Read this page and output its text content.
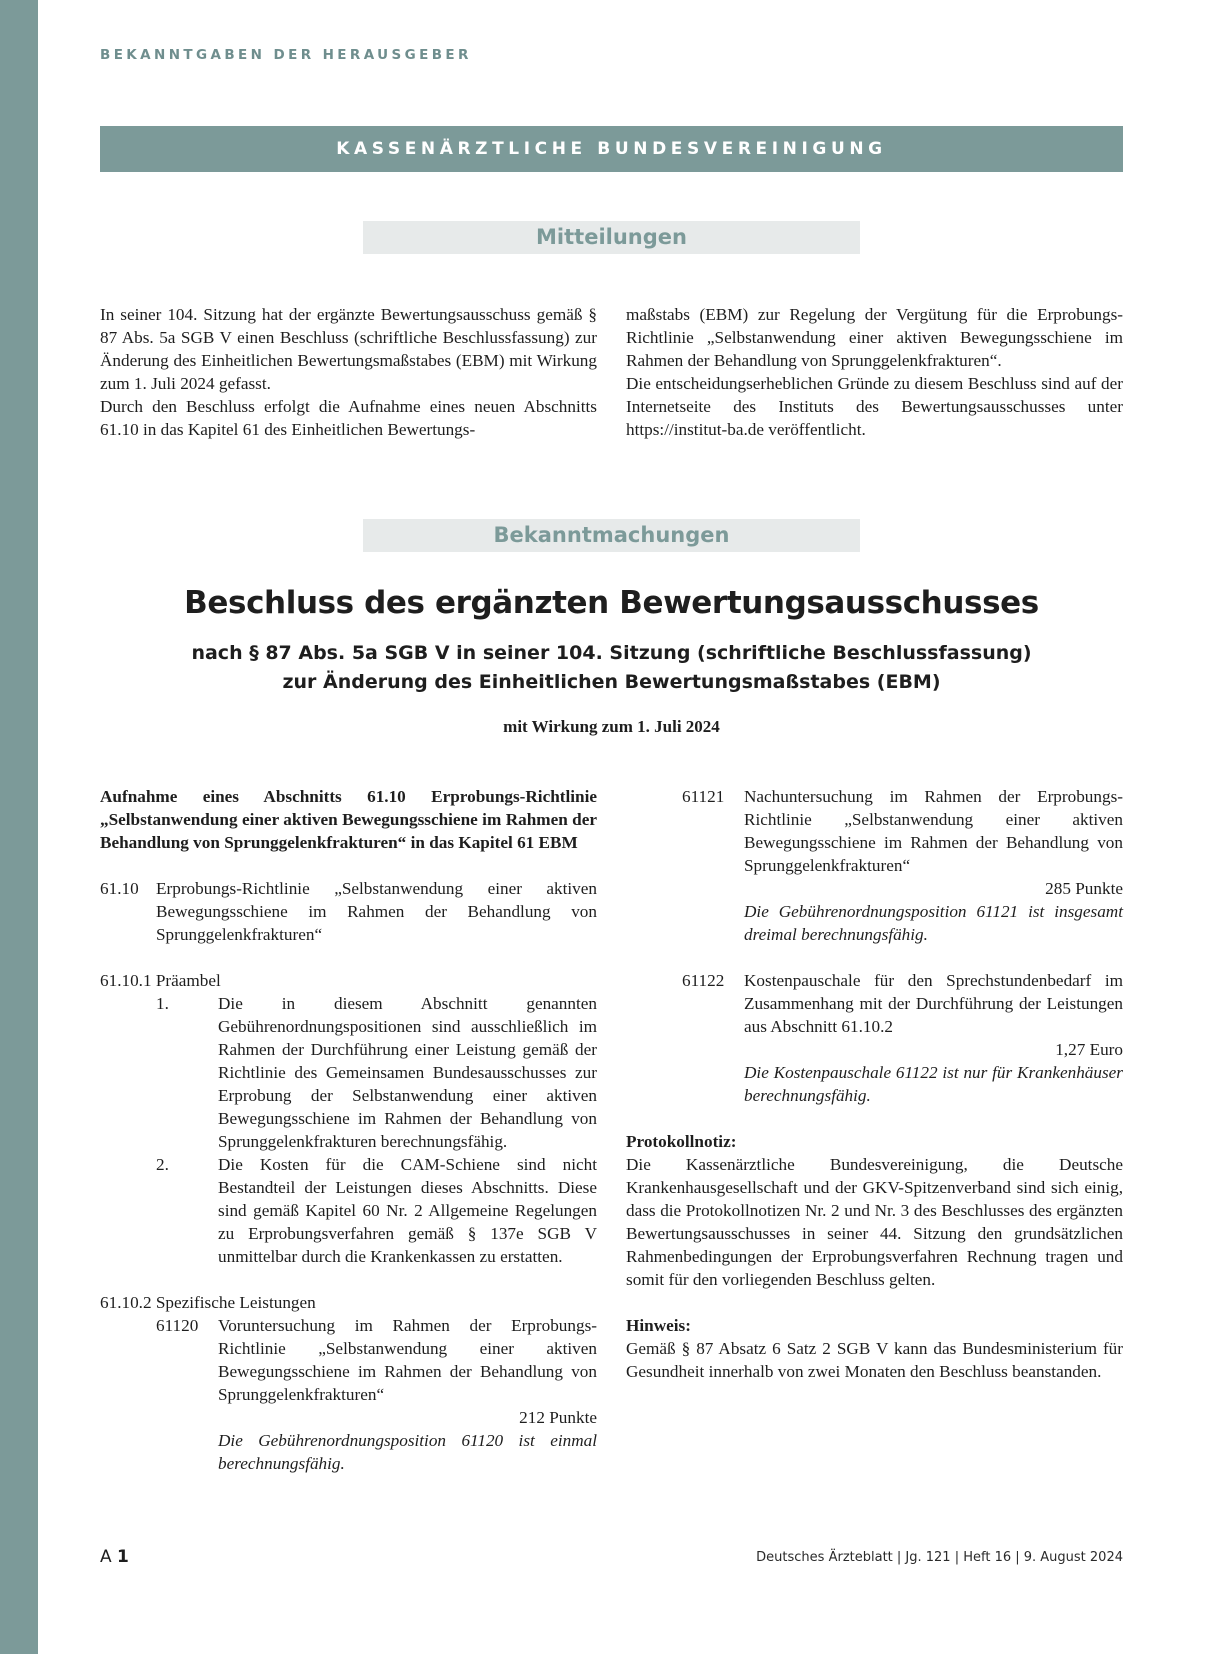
BEKANNTGABEN DER HERAUSGEBER
KASSENÄRZTLICHE BUNDESVEREINIGUNG
Mitteilungen

In seiner 104. Sitzung hat der ergänzte Bewertungsausschuss gemäß § 87 Abs. 5a SGB V einen Beschluss (schriftliche Beschlussfassung) zur Änderung des Einheitlichen Bewertungsmaßstabes (EBM) mit Wirkung zum 1. Juli 2024 gefasst.

Durch den Beschluss erfolgt die Aufnahme eines neuen Abschnitts 61.10 in das Kapitel 61 des Einheitlichen Bewertungs-

maßstabs (EBM) zur Regelung der Vergütung für die Erprobungs-Richtlinie „Selbstanwendung einer aktiven Bewegungsschiene im Rahmen der Behandlung von Sprunggelenkfrakturen“.

Die entscheidungserheblichen Gründe zu diesem Beschluss sind auf der Internetseite des Instituts des Bewertungsausschusses unter https://institut-ba.de veröffentlicht.

Bekanntmachungen
Beschluss des ergänzten Bewertungsausschusses
nach § 87 Abs. 5a SGB V in seiner 104. Sitzung (schriftliche Beschlussfassung)
zur Änderung des Einheitlichen Bewertungsmaßstabes (EBM)
mit Wirkung zum 1. Juli 2024

Aufnahme eines Abschnitts 61.10 Erprobungs-Richtlinie „Selbstanwendung einer aktiven Bewegungsschiene im Rahmen der Behandlung von Sprunggelenkfrakturen“ in das Kapitel 61 EBM

61.10	Erprobungs-Richtlinie „Selbstanwendung einer aktiven Bewegungsschiene im Rahmen der Behandlung von Sprunggelenkfrakturen“
61.10.1 Präambel
1.	Die in diesem Abschnitt genannten Gebührenordnungspositionen sind ausschließlich im Rahmen der Durchführung einer Leistung gemäß der Richtlinie des Gemeinsamen Bundesausschusses zur Erprobung der Selbstanwendung einer aktiven Bewegungsschiene im Rahmen der Behandlung von Sprunggelenkfrakturen berechnungsfähig.
2.	Die Kosten für die CAM-Schiene sind nicht Bestandteil der Leistungen dieses Abschnitts. Diese sind gemäß Kapitel 60 Nr. 2 Allgemeine Regelungen zu Erprobungsverfahren gemäß § 137e SGB V unmittelbar durch die Krankenkassen zu erstatten.
61.10.2 Spezifische Leistungen
61120	Voruntersuchung im Rahmen der Erprobungs-Richtlinie „Selbstanwendung einer aktiven Bewegungsschiene im Rahmen der Behandlung von Sprunggelenkfrakturen“
212 Punkte
Die Gebührenordnungsposition 61120 ist einmal berechnungsfähig.
61121	Nachuntersuchung im Rahmen der Erprobungs-Richtlinie „Selbstanwendung einer aktiven Bewegungsschiene im Rahmen der Behandlung von Sprunggelenkfrakturen“
285 Punkte
Die Gebührenordnungsposition 61121 ist insgesamt dreimal berechnungsfähig.
61122	Kostenpauschale für den Sprechstundenbedarf im Zusammenhang mit der Durchführung der Leistungen aus Abschnitt 61.10.2
1,27 Euro
Die Kostenpauschale 61122 ist nur für Krankenhäuser berechnungsfähig.

Protokollnotiz:

Die Kassenärztliche Bundesvereinigung, die Deutsche Krankenhausgesellschaft und der GKV-Spitzenverband sind sich einig, dass die Protokollnotizen Nr. 2 und Nr. 3 des Beschlusses des ergänzten Bewertungsausschusses in seiner 44. Sitzung den grundsätzlichen Rahmenbedingungen der Erprobungsverfahren Rechnung tragen und somit für den vorliegenden Beschluss gelten.

Hinweis:

Gemäß § 87 Absatz 6 Satz 2 SGB V kann das Bundesministerium für Gesundheit innerhalb von zwei Monaten den Beschluss beanstanden.

A 1	Deutsches Ärzteblatt | Jg. 121 | Heft 16 | 9. August 2024
